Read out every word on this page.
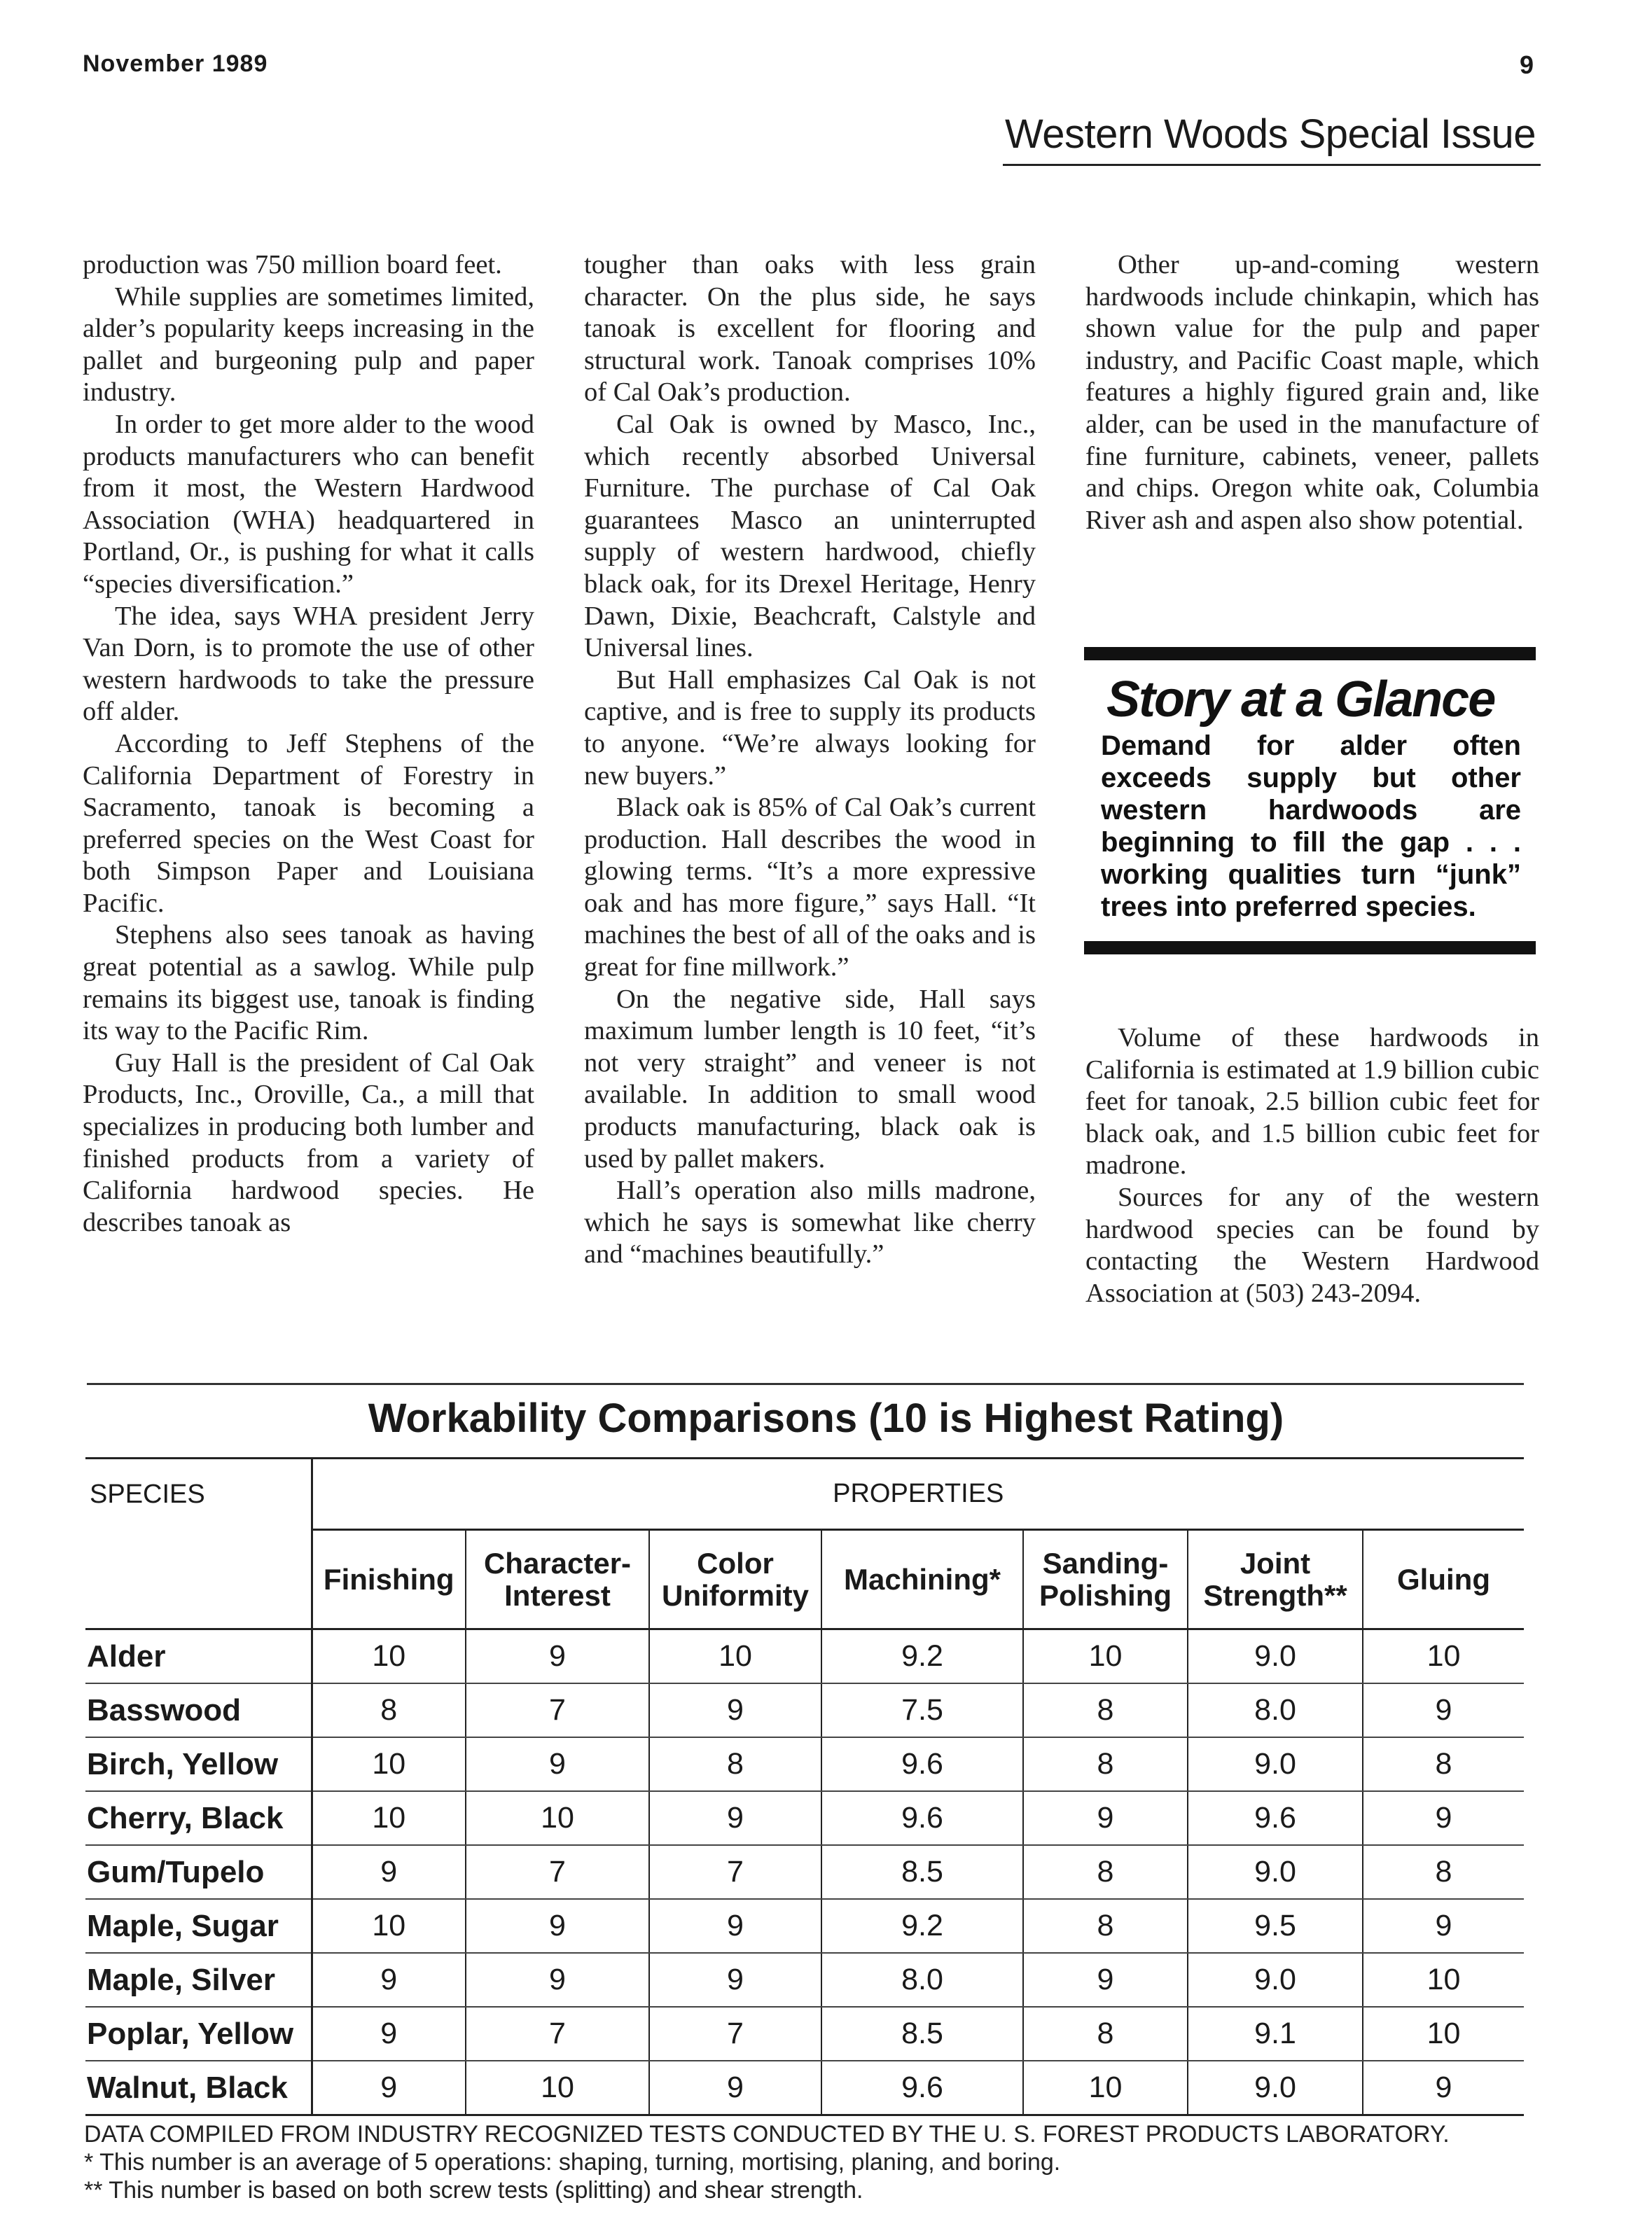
November 1989	9
Western Woods Special Issue

production was 750 million board feet.

While supplies are sometimes limited, alder’s popularity keeps increasing in the pallet and burgeoning pulp and paper industry.

In order to get more alder to the wood products manufacturers who can benefit from it most, the Western Hardwood Association (WHA) headquartered in Portland, Or., is pushing for what it calls “species diversification.”

The idea, says WHA president Jerry Van Dorn, is to promote the use of other western hardwoods to take the pressure off alder.

According to Jeff Stephens of the California Department of Forestry in Sacramento, tanoak is becoming a preferred species on the West Coast for both Simpson Paper and Louisiana Pacific.

Stephens also sees tanoak as having great potential as a sawlog. While pulp remains its biggest use, tanoak is finding its way to the Pacific Rim.

Guy Hall is the president of Cal Oak Products, Inc., Oroville, Ca., a mill that specializes in producing both lumber and finished products from a variety of California hardwood species. He describes tanoak as

tougher than oaks with less grain character. On the plus side, he says tanoak is excellent for flooring and structural work. Tanoak comprises 10% of Cal Oak’s production.

Cal Oak is owned by Masco, Inc., which recently absorbed Universal Furniture. The purchase of Cal Oak guarantees Masco an uninterrupted supply of western hardwood, chiefly black oak, for its Drexel Heritage, Henry Dawn, Dixie, Beachcraft, Calstyle and Universal lines.

But Hall emphasizes Cal Oak is not captive, and is free to supply its products to anyone. “We’re always looking for new buyers.”

Black oak is 85% of Cal Oak’s current production. Hall describes the wood in glowing terms. “It’s a more expressive oak and has more figure,” says Hall. “It machines the best of all of the oaks and is great for fine millwork.”

On the negative side, Hall says maximum lumber length is 10 feet, “it’s not very straight” and veneer is not available. In addition to small wood products manufacturing, black oak is used by pallet makers.

Hall’s operation also mills madrone, which he says is somewhat like cherry and “machines beautifully.”

Other up-and-coming western hardwoods include chinkapin, which has shown value for the pulp and paper industry, and Pacific Coast maple, which features a highly figured grain and, like alder, can be used in the manufacture of fine furniture, cabinets, veneer, pallets and chips. Oregon white oak, Columbia River ash and aspen also show potential.

Story at a Glance
Demand for alder often exceeds supply but other western hardwoods are beginning to fill the gap . . . working qualities turn “junk” trees into preferred species.

Volume of these hardwoods in California is estimated at 1.9 billion cubic feet for tanoak, 2.5 billion cubic feet for black oak, and 1.5 billion cubic feet for madrone.

Sources for any of the western hardwood species can be found by contacting the Western Hardwood Association at (503) 243-2094.

Workability Comparisons (10 is Highest Rating)
SPECIES	PROPERTIES						
	Finishing	Character-Interest	Color Uniformity	Machining*	Sanding-Polishing	Joint Strength**	Gluing
Alder	10	9	10	9.2	10	9.0	10
Basswood	8	7	9	7.5	8	8.0	9
Birch, Yellow	10	9	8	9.6	8	9.0	8
Cherry, Black	10	10	9	9.6	9	9.6	9
Gum/Tupelo	9	7	7	8.5	8	9.0	8
Maple, Sugar	10	9	9	9.2	8	9.5	9
Maple, Silver	9	9	9	8.0	9	9.0	10
Poplar, Yellow	9	7	7	8.5	8	9.1	10
Walnut, Black	9	10	9	9.6	10	9.0	9
DATA COMPILED FROM INDUSTRY RECOGNIZED TESTS CONDUCTED BY THE U. S. FOREST PRODUCTS LABORATORY.
* This number is an average of 5 operations: shaping, turning, mortising, planing, and boring.
** This number is based on both screw tests (splitting) and shear strength.
